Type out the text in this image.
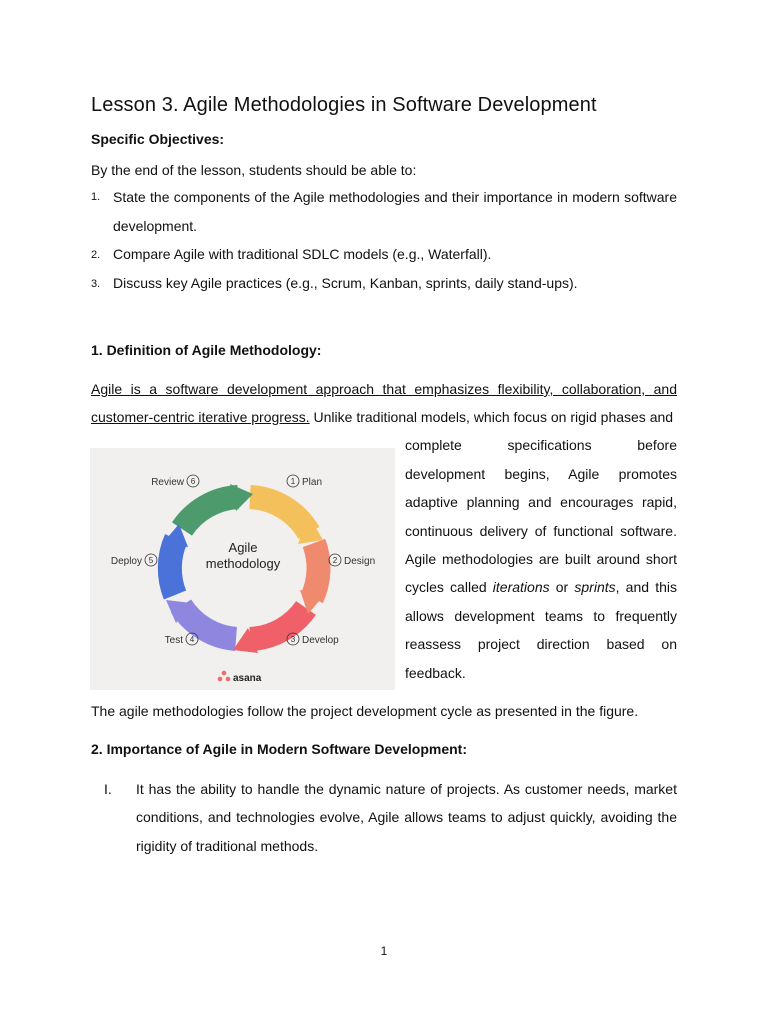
Lesson 3. Agile Methodologies in Software Development
Specific Objectives:
By the end of the lesson, students should be able to:
1. State the components of the Agile methodologies and their importance in modern software
development.
2. Compare Agile with traditional SDLC models (e.g., Waterfall).
3. Discuss key Agile practices (e.g., Scrum, Kanban, sprints, daily stand-ups).
1. Definition of Agile Methodology:
Agile is a software development approach that emphasizes flexibility, collaboration, and
customer-centric iterative progress. Unlike traditional models, which focus on rigid phases and
complete specifications before
development begins, Agile promotes
adaptive planning and encourages rapid,
continuous delivery of functional software.
Agile methodologies are built around short
cycles called iterations or sprints, and this
allows development teams to frequently
reassess project direction based on
feedback.
Agile
methodology
1 Plan
2 Design
3 Develop
Test 4
Deploy 5
Review 6
asana
The agile methodologies follow the project development cycle as presented in the figure.
2. Importance of Agile in Modern Software Development:
I. It has the ability to handle the dynamic nature of projects. As customer needs, market
conditions, and technologies evolve, Agile allows teams to adjust quickly, avoiding the
rigidity of traditional methods.
1
